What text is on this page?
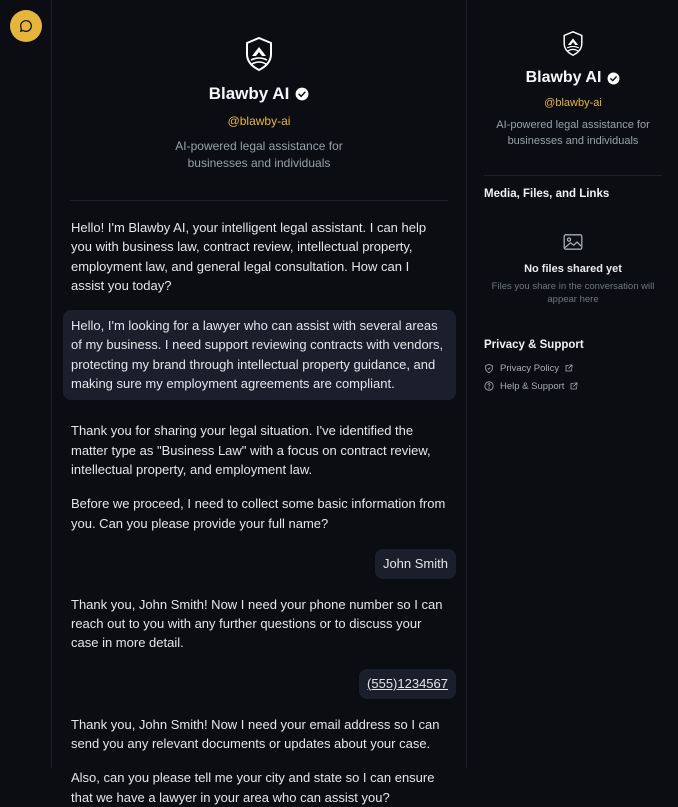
Blawby AI
@blawby-ai
AI-powered legal assistance for businesses and individuals
Hello! I'm Blawby AI, your intelligent legal assistant. I can help you with business law, contract review, intellectual property, employment law, and general legal consultation. How can I assist you today?
Hello, I'm looking for a lawyer who can assist with several areas of my business. I need support reviewing contracts with vendors, protecting my brand through intellectual property guidance, and making sure my employment agreements are compliant.
Thank you for sharing your legal situation. I've identified the matter type as "Business Law" with a focus on contract review, intellectual property, and employment law.
Before we proceed, I need to collect some basic information from you. Can you please provide your full name?
John Smith
Thank you, John Smith! Now I need your phone number so I can reach out to you with any further questions or to discuss your case in more detail.
(555)1234567
Thank you, John Smith! Now I need your email address so I can send you any relevant documents or updates about your case.
Also, can you please tell me your city and state so I can ensure that we have a lawyer in your area who can assist you?
Blawby AI
@blawby-ai
AI-powered legal assistance for businesses and individuals
Media, Files, and Links
No files shared yet
Files you share in the conversation will appear here
Privacy & Support
Privacy Policy
Help & Support
